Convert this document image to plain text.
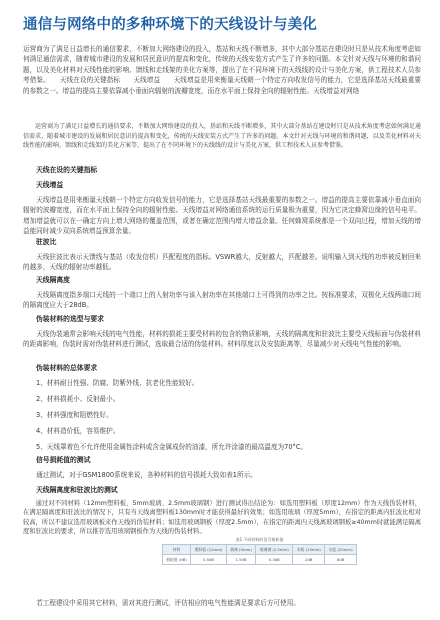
通信与网络中的多种环境下的天线设计与美化

运营商为了满足日益增长的通信要求，不断加大网络建设的投入，基站和天线不断增多，其中大部分基站在建设时只是从技术角度考虑如何满足通信需求，随着城市建设的发展和居民意识的提高和变化，传统的天线安装方式产生了许多的问题。本文针对天线与环境的和谐问题，以及美化材料对天线性能的影响、馈线和走线架的美化方案等，提出了在不同环境下的天线线的设计与美化方案，供工程技术人员参考借鉴。　　天线在设的关键指标　　天线增益　　天线增益是用来衡量天线朝一个特定方向收发信号的能力，它是选择基站天线最重要的参数之一。增益的提高主要依靠减小垂面向辐射的波瓣宽度，而在水平面上保持全向的辐射性能。天线增益对网络

运营商为了满足日益增长的通信要求，不断加大网络建设的投入，基站和天线不断增多，其中大部分基站在建设时只是从技术角度考虑如何满足通信需求，随着城市建设的发展和居民意识的提高和变化，传统的天线安装方式产生了许多的问题。本文针对天线与环境的和谐问题，以及美化材料对天线性能的影响、馈线和走线架的美化方案等，提出了在不同环境下的天线线的设计与美化方案，供工程技术人员参考借鉴。

天线在设的关键指标

天线增益

天线增益是用来衡量天线朝一个特定方向收发信号的能力，它是选择基站天线最重要的参数之一。增益的提高主要依靠减小垂直面向辐射的波瓣宽度，而在水平面上保持全向的辐射性能。天线增益对网络通信系统的运行质量极为重要，因为它决定蜂窝边缘的信号电平。增加增益就可以在一确定方向上增大网络的覆盖范围，或者在确定范围内增大增益余量。任何蜂窝系统都是一个双向过程，增加天线的增益能同时减少双向系统增益预算余量。

驻波比

天线驻波比表示天馈线与基站（收发信机）匹配程度的指标。VSWR越大，反射越大，匹配越差。说明输入到天线的功率被反射回来的越多，天线的辐射功率越低。

天线隔离度

天线隔离度指多端口天线的一个端口上的入射功率与该入射功率在其他端口上可得到的功率之比。按标准要求，双极化天线两端口间的隔离度应大于28dB。

伪装材料的选型与要求

天线伪装通常会影响天线的电气性能，材料的损耗主要受材料的包含的物质影响，天线的隔离度和驻波比主要受天线标面与伪装材料的距离影响，伪装时需对伪装材料进行测试，选取最合适的伪装材料。材料厚度以及安装距离等，尽量减少对天线电气性能的影响。

伪装材料的总体要求

1、材料耐日性强、防腐、防紫外线、抗老化性能较好。

2、材料损耗小、反射最小。

3、材料强度和阻燃性好。

4、材料造价低，容易维护。

5、天线罩着色不允许使用金属性涂料或含金属成份的油漆，所允许涂漆的最高温度为70°C。

信号损耗值的测试

通过测试，对于GSM1800系统来说，各种材料的信号损耗大致如表1所示。

天线隔离度和驻波比的测试

通过对不同材料（12mm塑料板、5mm玻璃、2.5mm玻璃钢）进行测试得出结论为：如选用塑料板（厚度12mm）作为天线伪装材料，在满足隔离度和驻波比的情况下，只有当天线离塑料板130mm时才能获得最好的效果；如选用玻璃（厚度5mm），在指定的距离内驻波比相对较高，所以不建议选用玻璃板来作天线的伪装材料；如选用玻璃钢板（厚度2.5mm），在指定的距离内天线离玻璃钢板≥40mm时就能满足隔离度和驻波比的要求，所以推荐选用玻璃钢板作为天线的伪装材料。

表1 不同材料的信号损耗值
材料	塑料板 (12mm)	玻璃 (5mm)	玻璃钢 (2.5mm)	木板 (15mm)	水泥 (20mm)
损耗值 (dB)	0.5dB	1.5dB	0.3dB	2dB	8dB

若工程建设中采用其它材料，需对其进行测试，评估相应的电气性能满足要求后方可使用。
